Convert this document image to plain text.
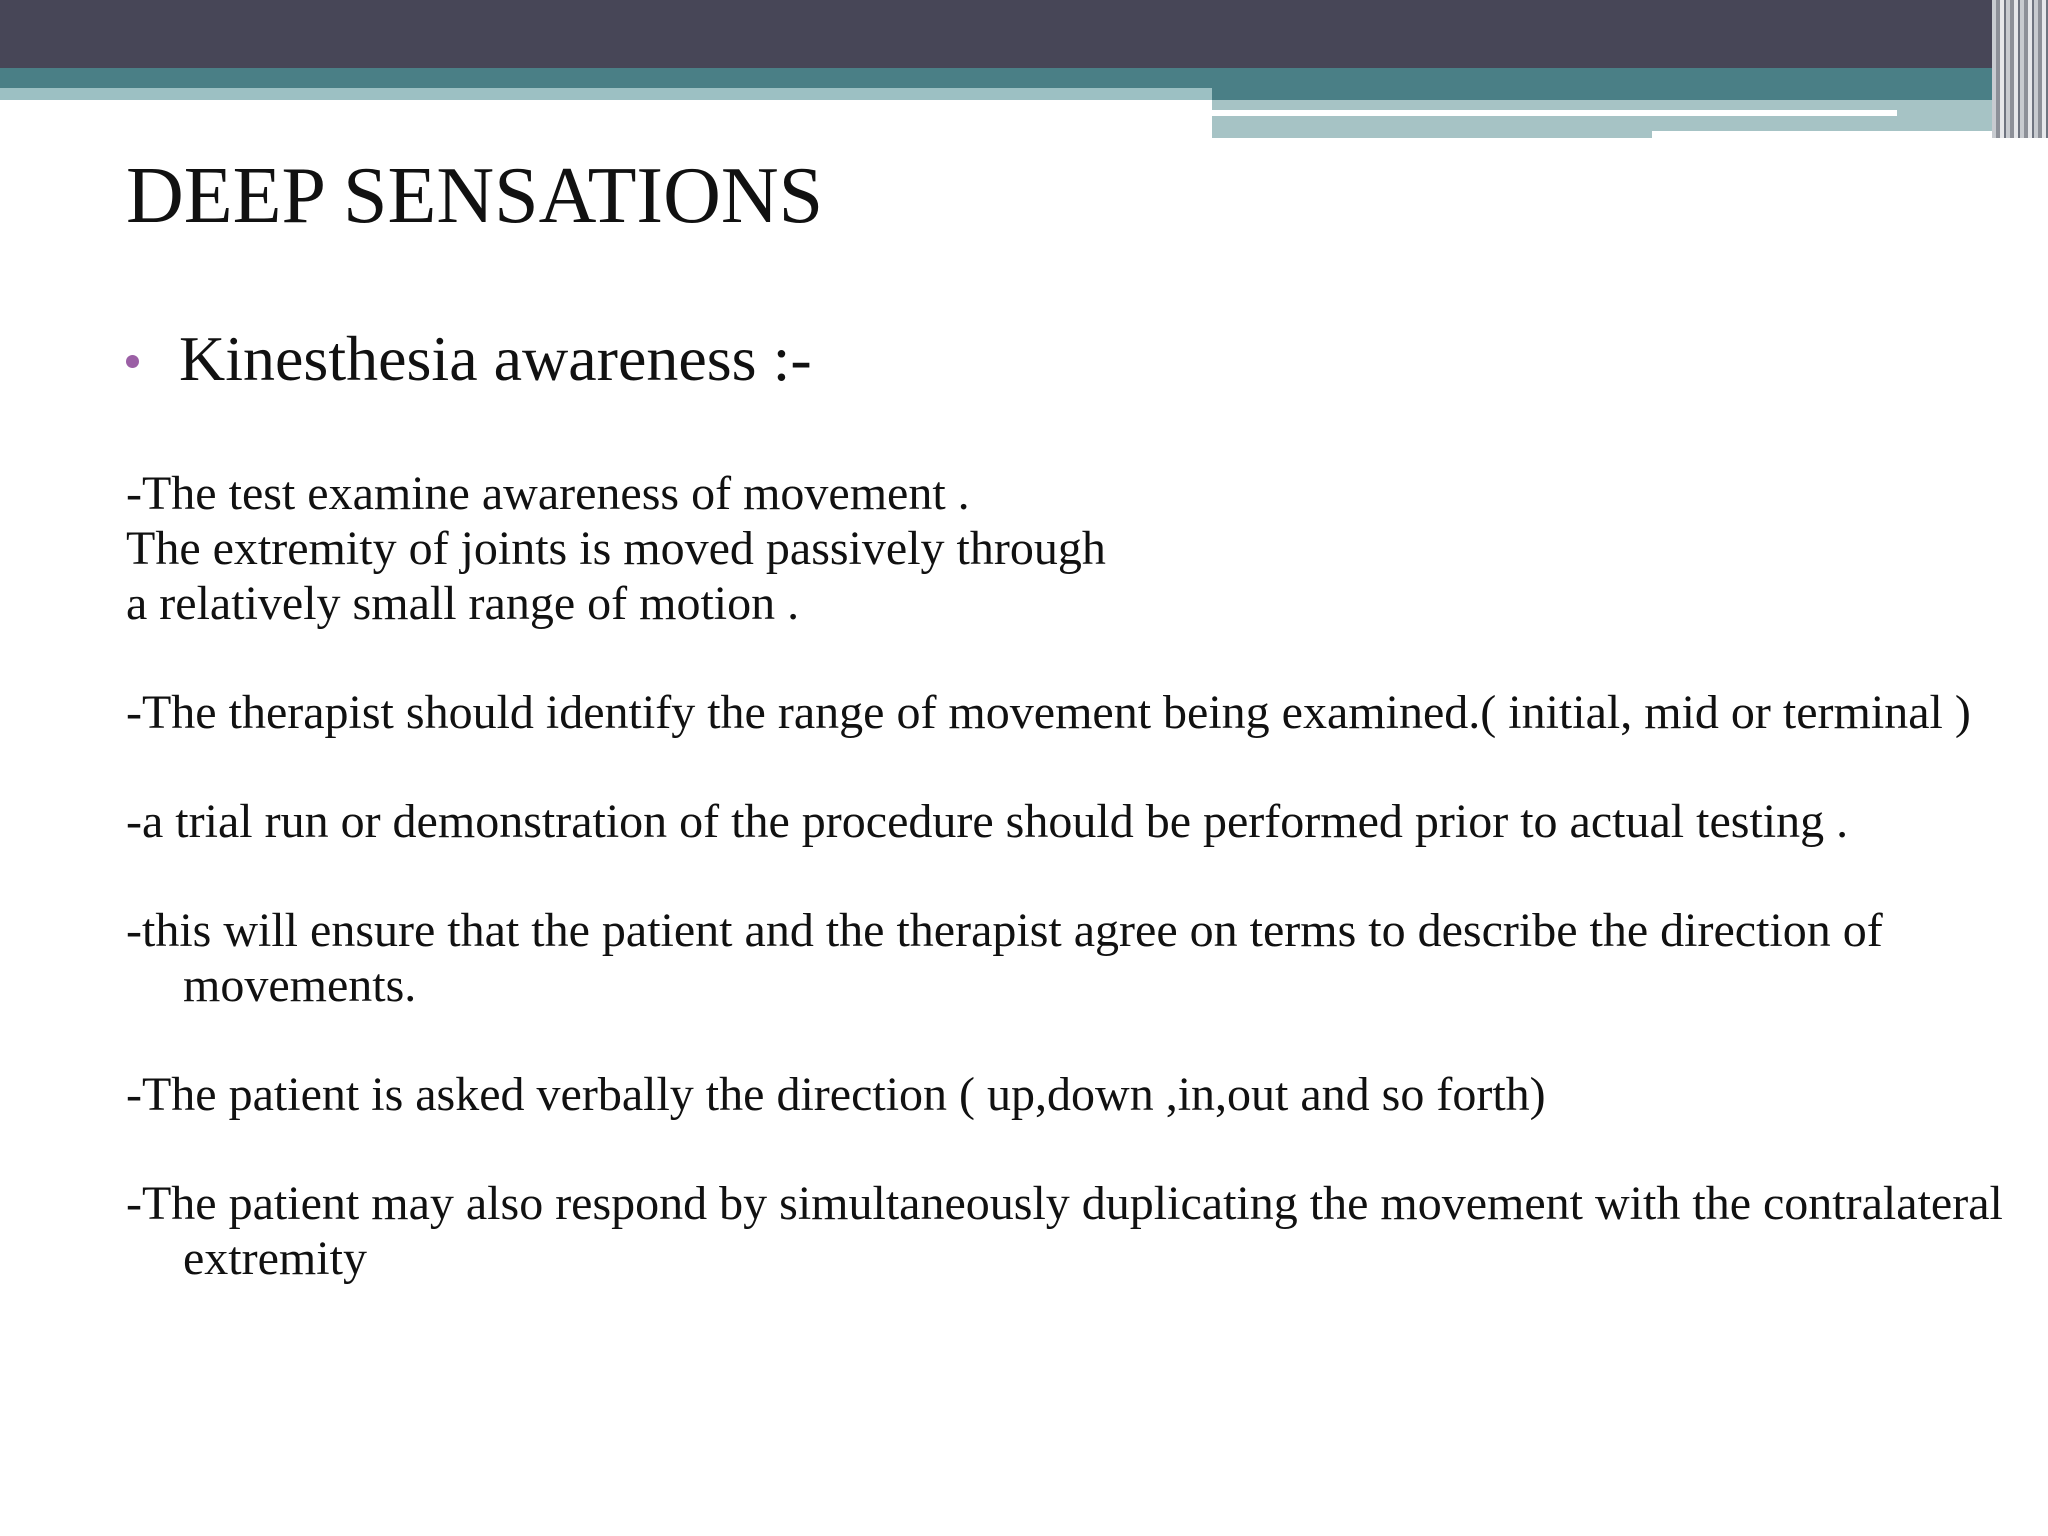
DEEP SENSATIONS
Kinesthesia awareness :-

-The test examine awareness of movement .
The extremity of joints is moved passively through
a relatively small range of motion .

-The therapist should identify the range of movement being examined.( initial, mid or terminal )

-a trial run or demonstration of the procedure should be performed prior to actual testing .

-this will ensure that the patient and the therapist agree on terms to describe the direction of movements.

-The patient is asked verbally the direction ( up,down ,in,out and so forth)

-The patient may also respond by simultaneously duplicating the movement with the contralateral extremity
